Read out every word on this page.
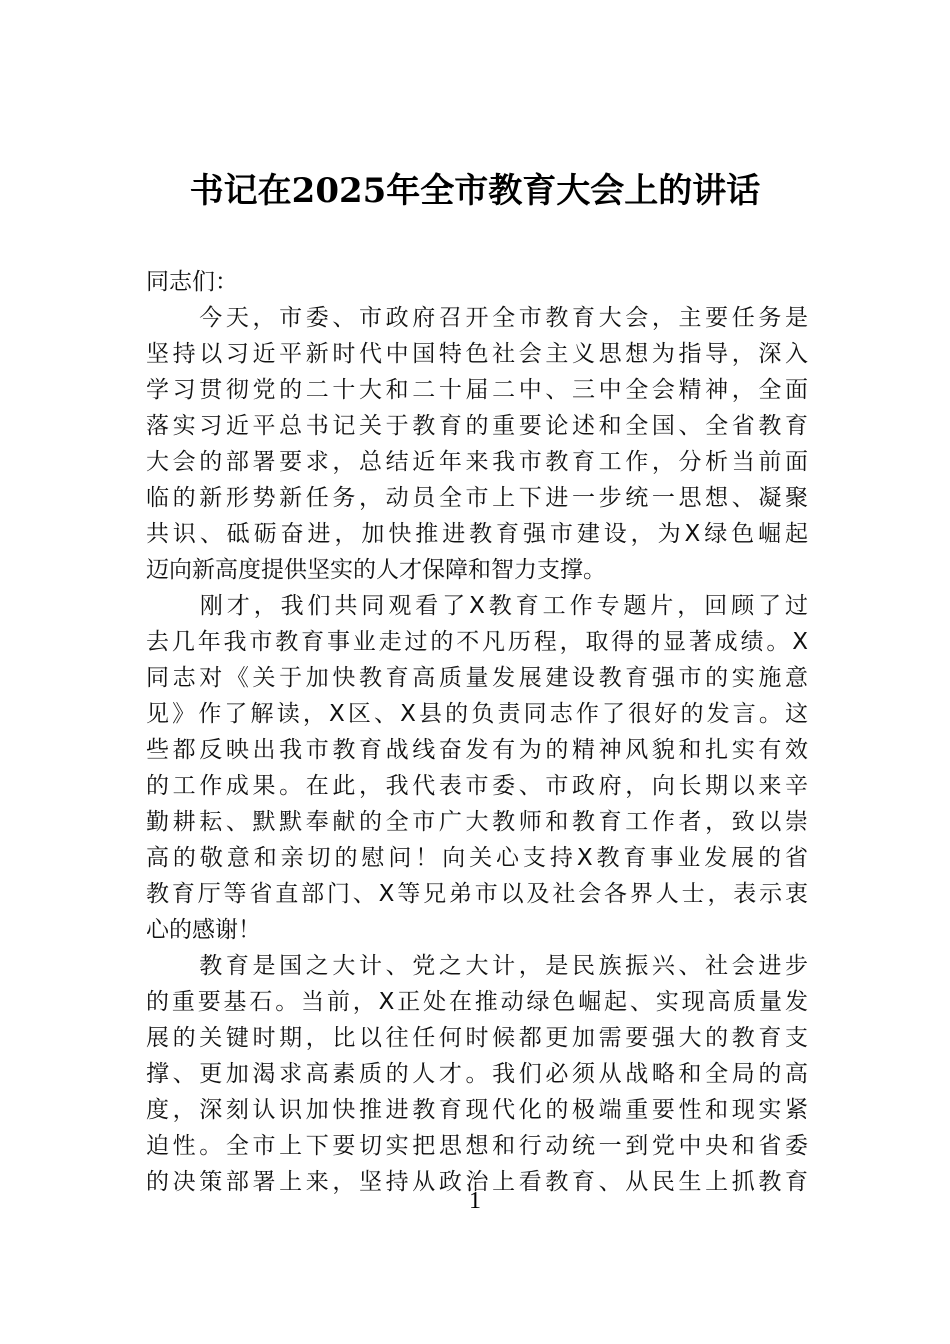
书记在2025年全市教育大会上的讲话
同志们：
　　今天，市委、市政府召开全市教育大会，主要任务是
坚持以习近平新时代中国特色社会主义思想为指导，深入
学习贯彻党的二十大和二十届二中、三中全会精神，全面
落实习近平总书记关于教育的重要论述和全国、全省教育
大会的部署要求，总结近年来我市教育工作，分析当前面
临的新形势新任务，动员全市上下进一步统一思想、凝聚
共识、砥砺奋进，加快推进教育强市建设，为X绿色崛起
迈向新高度提供坚实的人才保障和智力支撑。
　　刚才，我们共同观看了X教育工作专题片，回顾了过
去几年我市教育事业走过的不凡历程，取得的显著成绩。X
同志对《关于加快教育高质量发展建设教育强市的实施意
见》作了解读，X区、X县的负责同志作了很好的发言。这
些都反映出我市教育战线奋发有为的精神风貌和扎实有效
的工作成果。在此，我代表市委、市政府，向长期以来辛
勤耕耘、默默奉献的全市广大教师和教育工作者，致以崇
高的敬意和亲切的慰问！向关心支持X教育事业发展的省
教育厅等省直部门、X等兄弟市以及社会各界人士，表示衷
心的感谢！
　　教育是国之大计、党之大计，是民族振兴、社会进步
的重要基石。当前，X正处在推动绿色崛起、实现高质量发
展的关键时期，比以往任何时候都更加需要强大的教育支
撑、更加渴求高素质的人才。我们必须从战略和全局的高
度，深刻认识加快推进教育现代化的极端重要性和现实紧
迫性。全市上下要切实把思想和行动统一到党中央和省委
的决策部署上来，坚持从政治上看教育、从民生上抓教育
1
